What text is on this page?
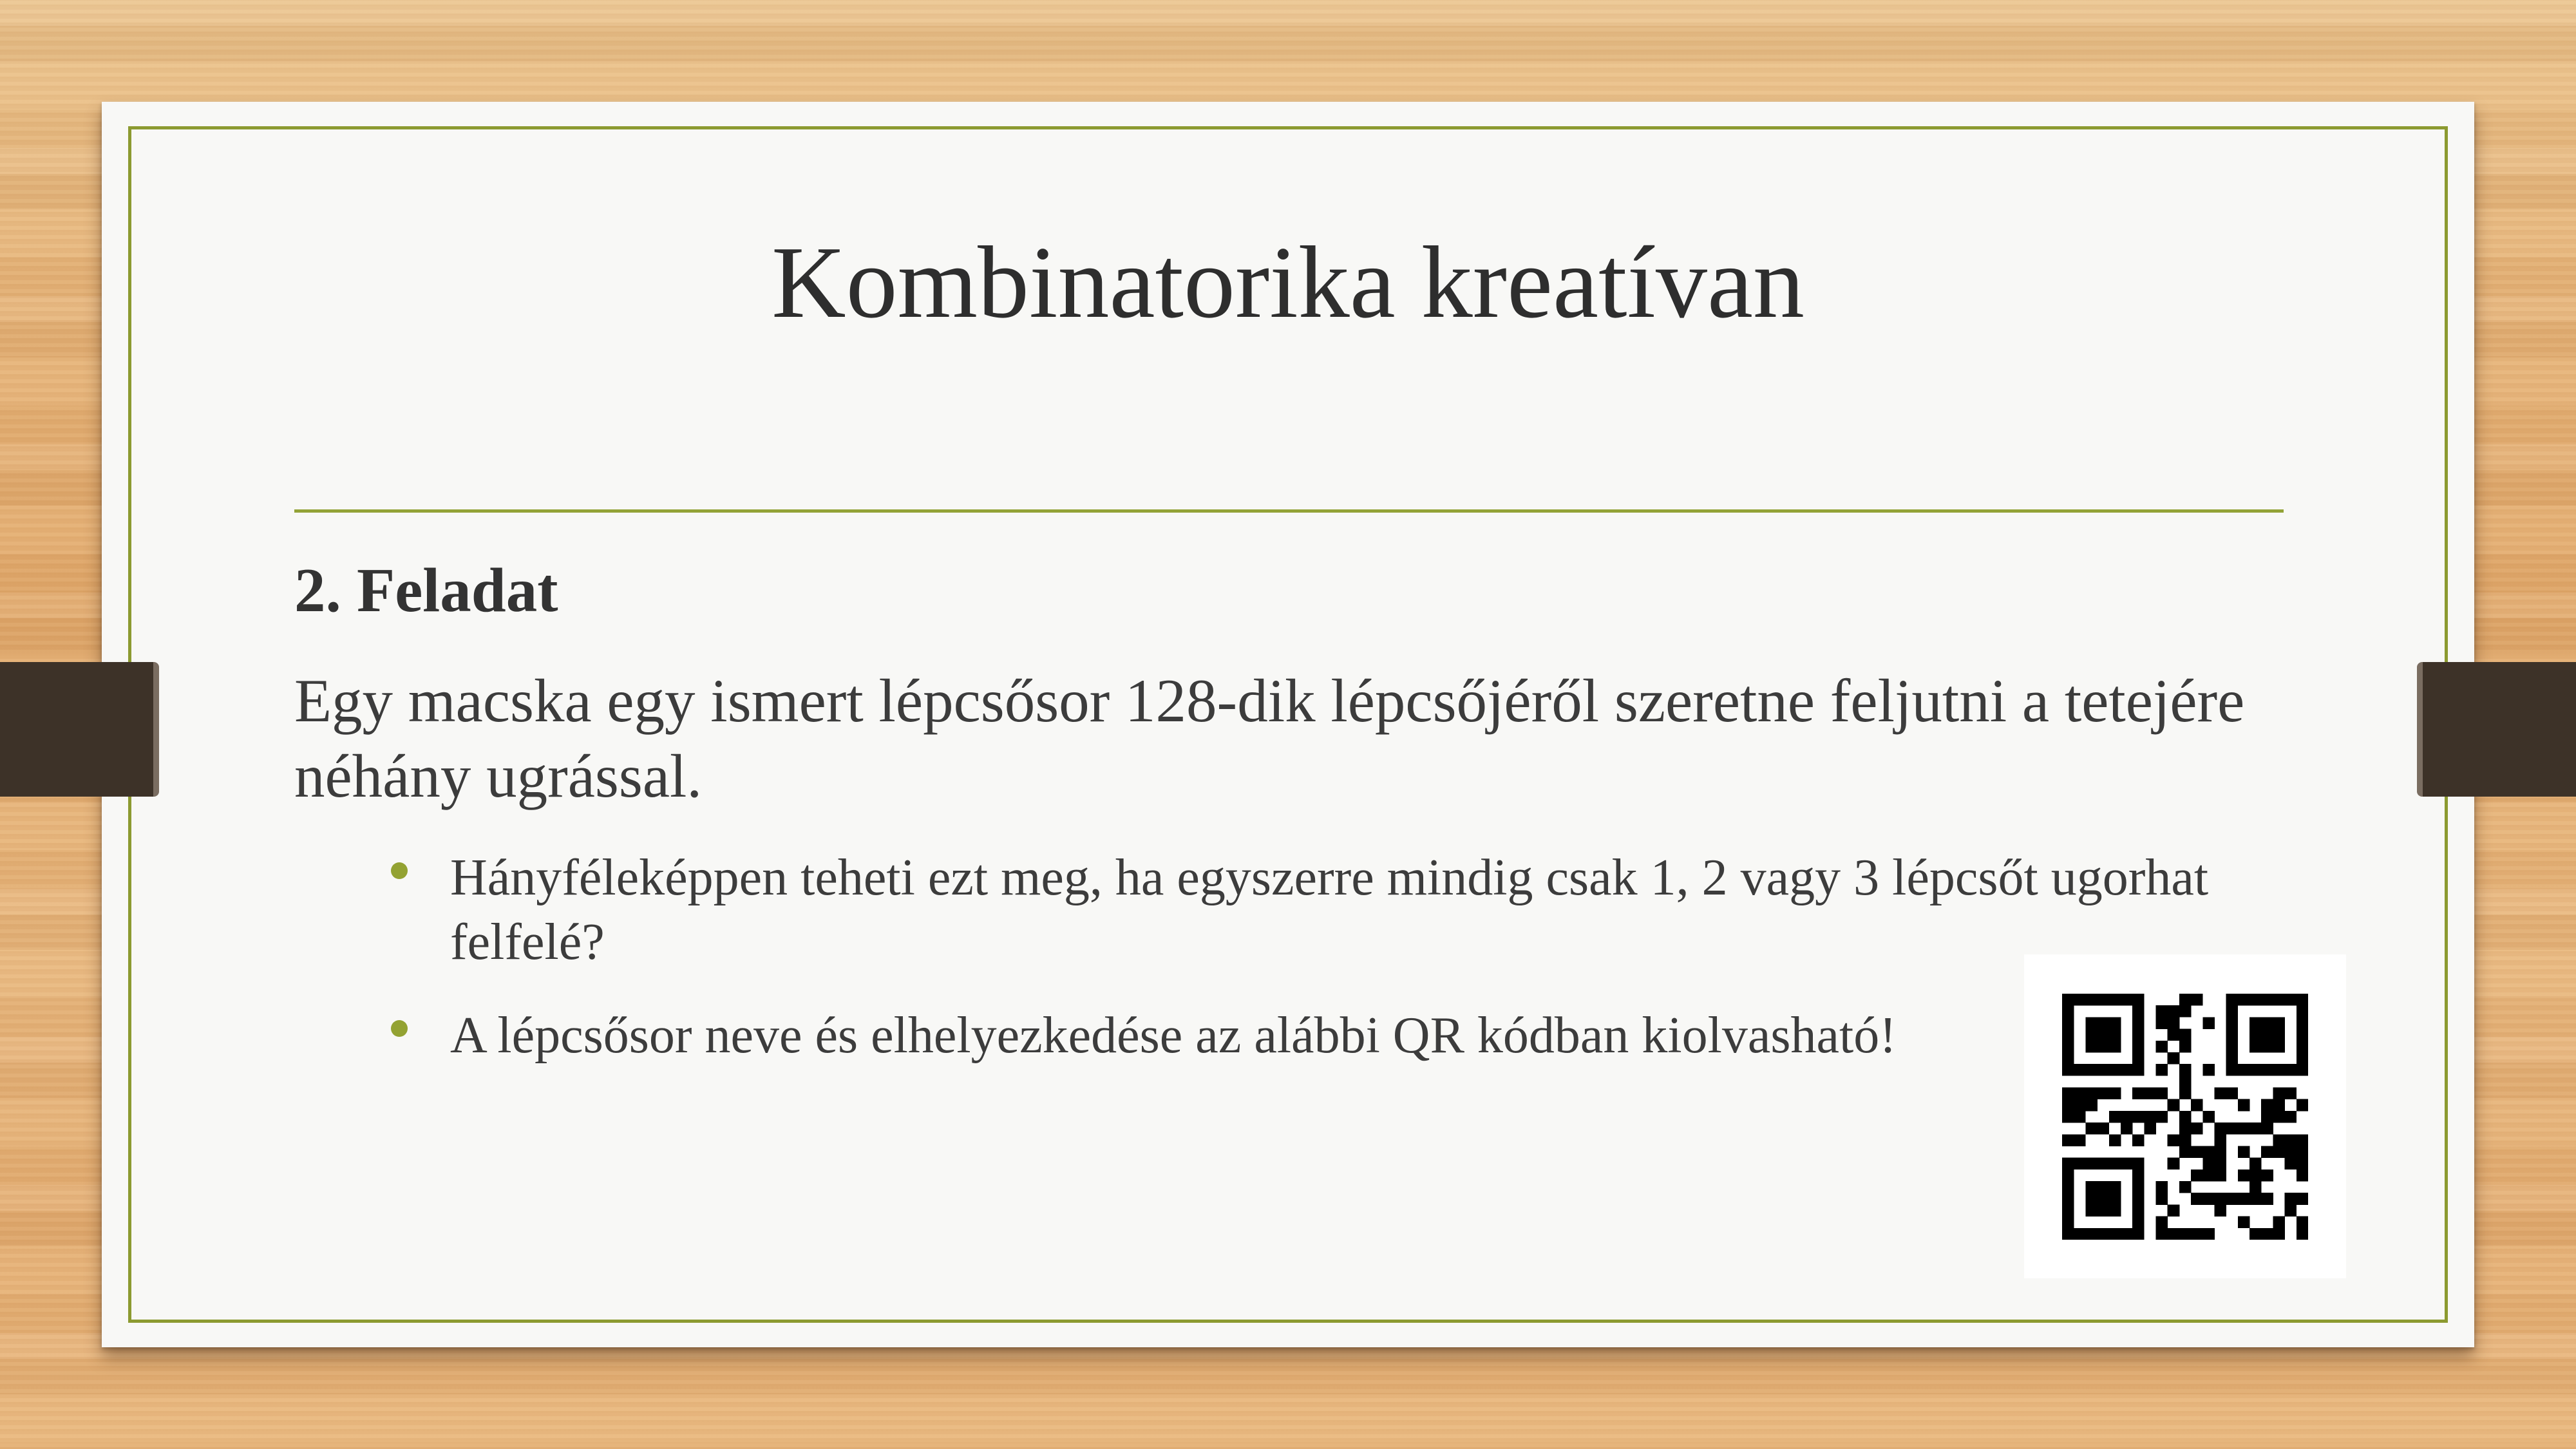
Kombinatorika kreatívan
2. Feladat
Egy macska egy ismert lépcsősor 128-dik lépcsőjéről szeretne feljutni a tetejére néhány ugrással.
Hányféleképpen teheti ezt meg, ha egyszerre mindig csak 1, 2 vagy 3 lépcsőt ugorhat felfelé?
A lépcsősor neve és elhelyezkedése az alábbi QR kódban kiolvasható!
